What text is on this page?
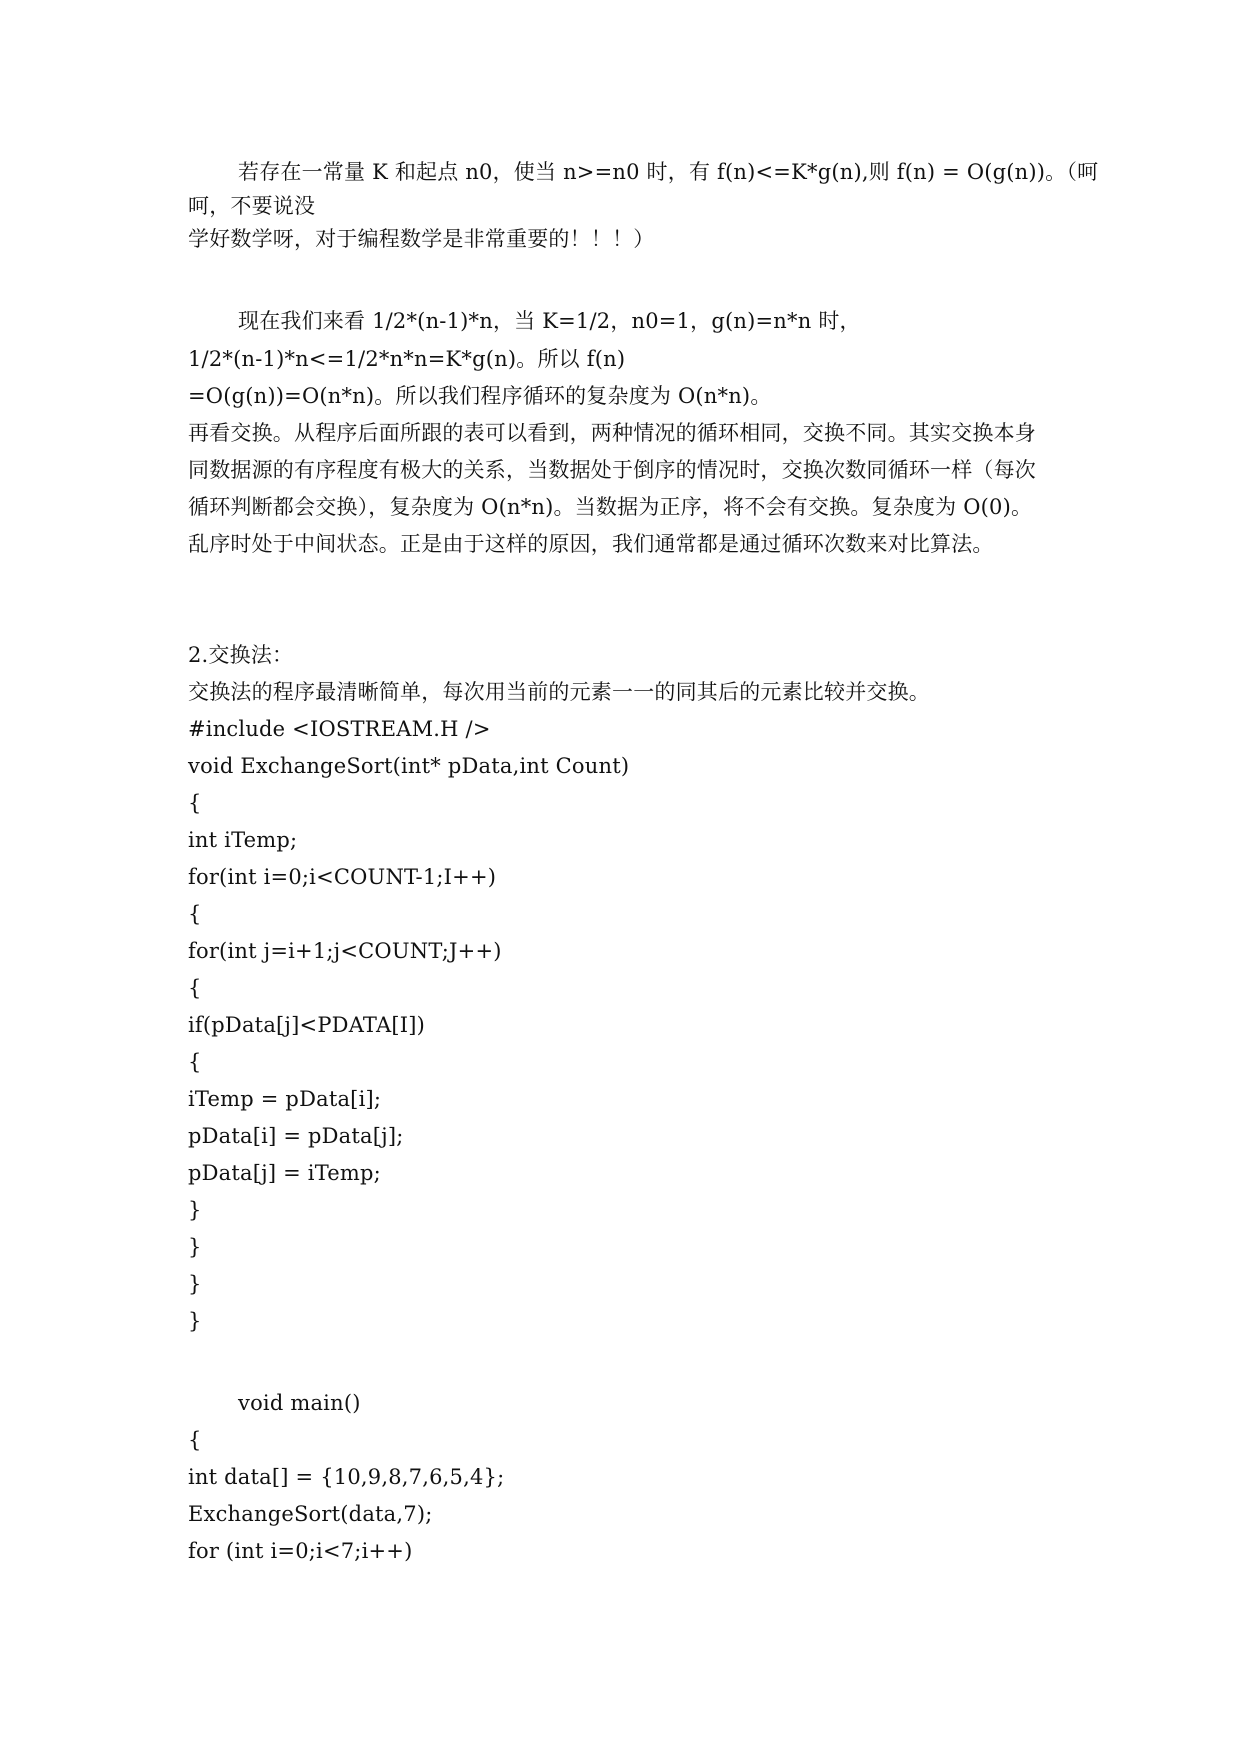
若存在一常量 K 和起点 n0，使当 n>=n0 时，有 f(n)<=K*g(n),则 f(n) = O(g(n))。（呵
呵，不要说没
学好数学呀，对于编程数学是非常重要的！！！）
现在我们来看 1/2*(n-1)*n，当 K=1/2，n0=1，g(n)=n*n 时，
1/2*(n-1)*n<=1/2*n*n=K*g(n)。所以 f(n)
=O(g(n))=O(n*n)。所以我们程序循环的复杂度为 O(n*n)。
再看交换。从程序后面所跟的表可以看到，两种情况的循环相同，交换不同。其实交换本身
同数据源的有序程度有极大的关系，当数据处于倒序的情况时，交换次数同循环一样（每次
循环判断都会交换），复杂度为 O(n*n)。当数据为正序，将不会有交换。复杂度为 O(0)。
乱序时处于中间状态。正是由于这样的原因，我们通常都是通过循环次数来对比算法。
2.交换法：
交换法的程序最清晰简单，每次用当前的元素一一的同其后的元素比较并交换。
#include <IOSTREAM.H />
void ExchangeSort(int* pData,int Count)
{
int iTemp;
for(int i=0;i<COUNT-1;I++)
{
for(int j=i+1;j<COUNT;J++)
{
if(pData[j]<PDATA[I])
{
iTemp = pData[i];
pData[i] = pData[j];
pData[j] = iTemp;
}
}
}
}
void main()
{
int data[] = {10,9,8,7,6,5,4};
ExchangeSort(data,7);
for (int i=0;i<7;i++)
